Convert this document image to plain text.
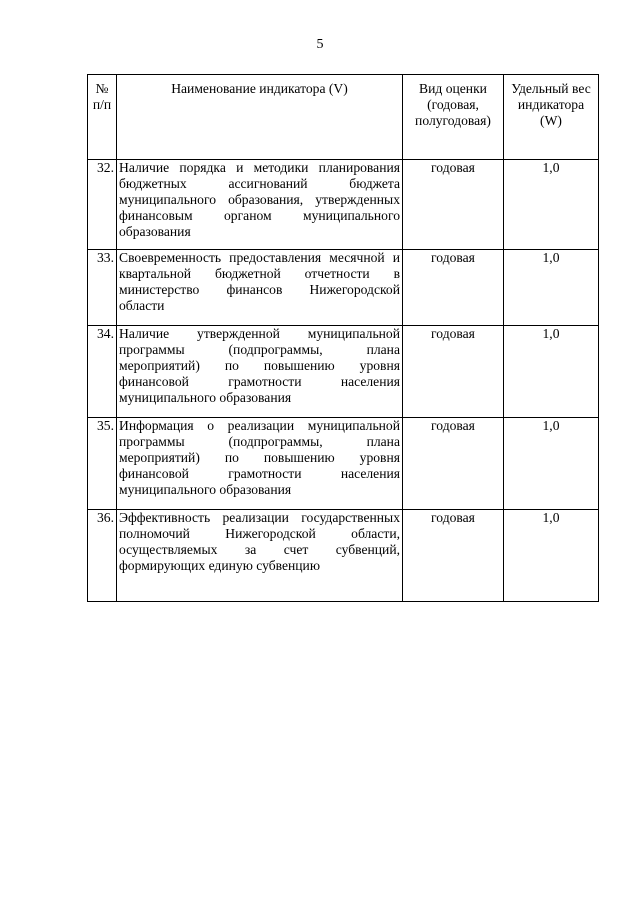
5
№ п/п	Наименование индикатора (V)	Вид оценки (годовая, полугодовая)	Удельный вес индикатора (W)
32.	Наличие порядка и методики планирования бюджетных ассигнований бюджета муниципального образования, утвержденных финансовым органом муниципального образования	годовая	1,0
33.	Своевременность предоставления месячной и квартальной бюджетной отчетности в министерство финансов Нижегородской области	годовая	1,0
34.	Наличие утвержденной муниципальной программы (подпрограммы, плана мероприятий) по повышению уровня финансовой грамотности населения муниципального образования	годовая	1,0
35.	Информация о реализации муниципальной программы (подпрограммы, плана мероприятий) по повышению уровня финансовой грамотности населения муниципального образования	годовая	1,0
36.	Эффективность реализации государственных полномочий Нижегородской области, осуществляемых за счет субвенций, формирующих единую субвенцию	годовая	1,0
